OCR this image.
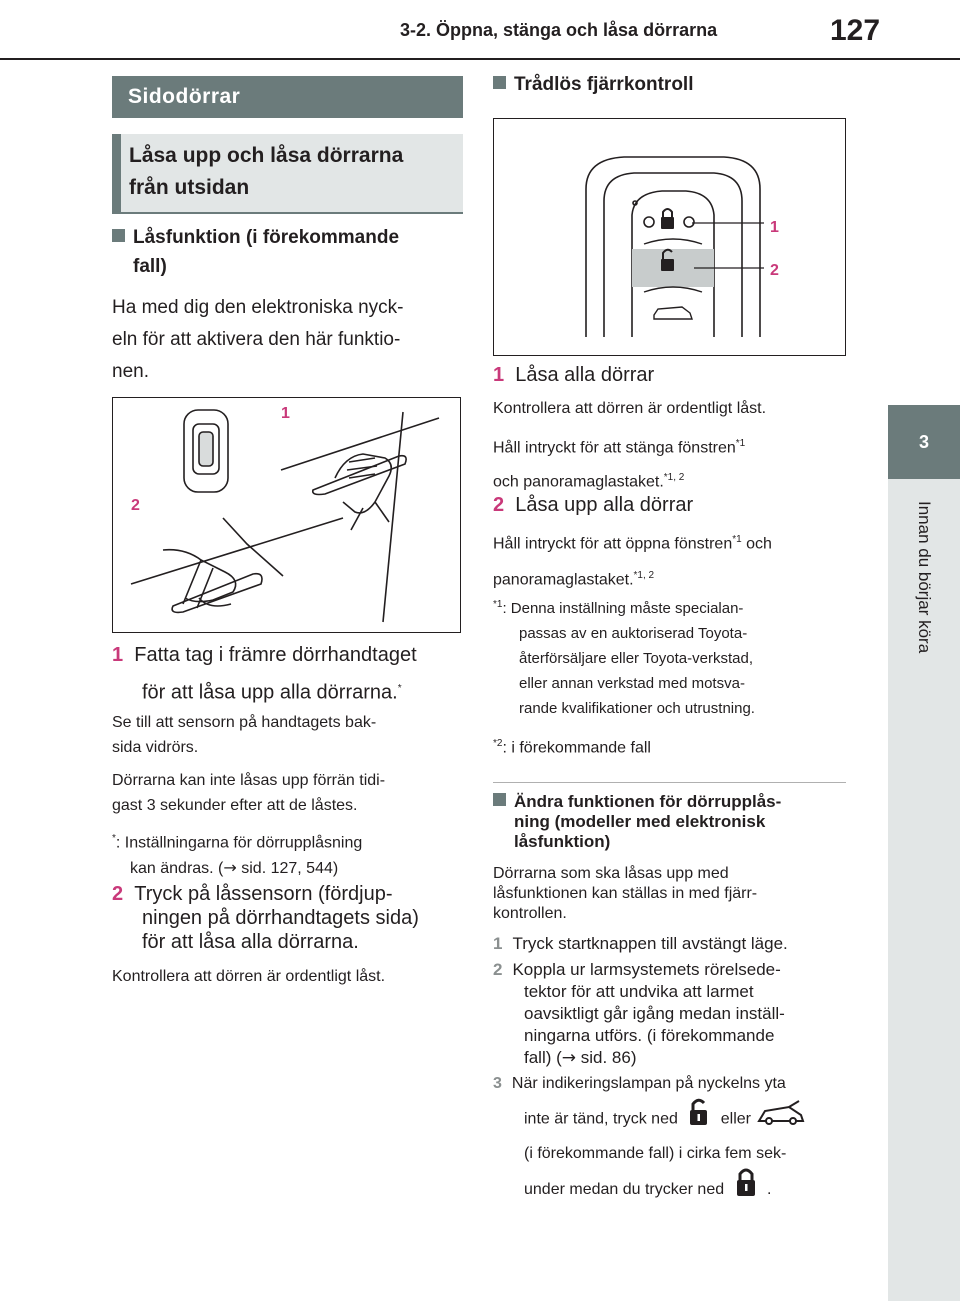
3-2. Öppna, stänga och låsa dörrarna	127
3
Innan du börjar köra
Sidodörrar
Låsa upp och låsa dörrarna
från utsidan
Låsfunktion (i förekommande
fall)
Ha med dig den elektroniska nyck-
eln för att aktivera den här funktio-
nen.
1
2
1 Fatta tag i främre dörrhandtaget
för att låsa upp alla dörrarna.*
Se till att sensorn på handtagets bak-
sida vidrörs.
Dörrarna kan inte låsas upp förrän tidi-
gast 3 sekunder efter att de låstes.
*: Inställningarna för dörrupplåsning
kan ändras. (→ sid. 127, 544)
2 Tryck på låssensorn (fördjup-
ningen på dörrhandtagets sida)
för att låsa alla dörrarna.
Kontrollera att dörren är ordentligt låst.
Trådlös fjärrkontroll
1
2
1 Låsa alla dörrar
Kontrollera att dörren är ordentligt låst.
Håll intryckt för att stänga fönstren$^{*1}$
och panoramaglastaket.$^{*1, 2}$
2 Låsa upp alla dörrar
Håll intryckt för att öppna fönstren$^{*1}$ och
panoramaglastaket.$^{*1, 2}$
$^{*1}$: Denna inställning måste specialan-
passas av en auktoriserad Toyota-
återförsäljare eller Toyota-verkstad,
eller annan verkstad med motsva-
rande kvalifikationer och utrustning.
$^{*2}$: i förekommande fall
Ändra funktionen för dörrupplås-
ning (modeller med elektronisk
låsfunktion)
Dörrarna som ska låsas upp med
låsfunktionen kan ställas in med fjärr-
kontrollen.
1 Tryck startknappen till avstängt läge.
2 Koppla ur larmsystemets rörelsede-
tektor för att undvika att larmet
oavsiktligt går igång medan inställ-
ningarna utförs. (i förekommande
fall) (→ sid. 86)
3 När indikeringslampan på nyckelns yta
inte är tänd, tryck ned	eller
(i förekommande fall) i cirka fem sek-
under medan du trycker ned	.
